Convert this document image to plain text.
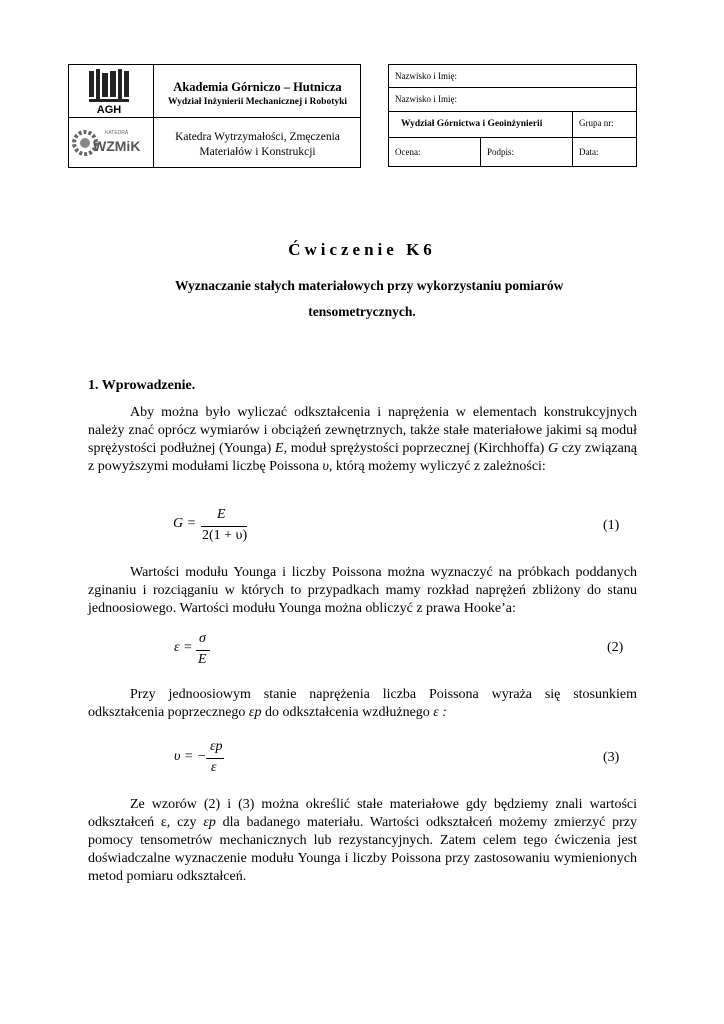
AGH
KATEDRA
WZMiK
Akademia Górniczo – Hutnicza
Wydział Inżynierii Mechanicznej i Robotyki
Katedra Wytrzymałości, Zmęczenia
Materiałów i Konstrukcji
Nazwisko i Imię:
Nazwisko i Imię:
Wydział Górnictwa i Geoinżynierii	Grupa nr:
Ocena:	Podpis:	Data:
Ćwiczenie K6
Wyznaczanie stałych materiałowych przy wykorzystaniu pomiarów
tensometrycznych.
1. Wprowadzenie.
Aby można było wyliczać odkształcenia i naprężenia w elementach konstrukcyjnych należy znać oprócz wymiarów i obciążeń zewnętrznych, także stałe materiałowe jakimi są moduł sprężystości podłużnej (Younga) E, moduł sprężystości poprzecznej (Kirchhoffa) G czy związaną z powyższymi modułami liczbę Poissona υ, którą możemy wyliczyć z zależności:
G =
E
2(1 + υ)
(1)
Wartości modułu Younga i liczby Poissona można wyznaczyć na próbkach poddanych zginaniu i rozciąganiu w których to przypadkach mamy rozkład naprężeń zbliżony do stanu jednoosiowego. Wartości modułu Younga można obliczyć z prawa Hooke’a:
ε =
σ
E
(2)
Przy jednoosiowym stanie naprężenia liczba Poissona wyraża się stosunkiem odkształcenia poprzecznego εp do odkształcenia wzdłużnego ε :
υ = −
εp
ε
(3)
Ze wzorów (2) i (3) można określić stałe materiałowe gdy będziemy znali wartości odkształceń ε, czy εp dla badanego materiału. Wartości odkształceń możemy zmierzyć przy pomocy tensometrów mechanicznych lub rezystancyjnych. Zatem celem tego ćwiczenia jest doświadczalne wyznaczenie modułu Younga i liczby Poissona przy zastosowaniu wymienionych metod pomiaru odkształceń.
